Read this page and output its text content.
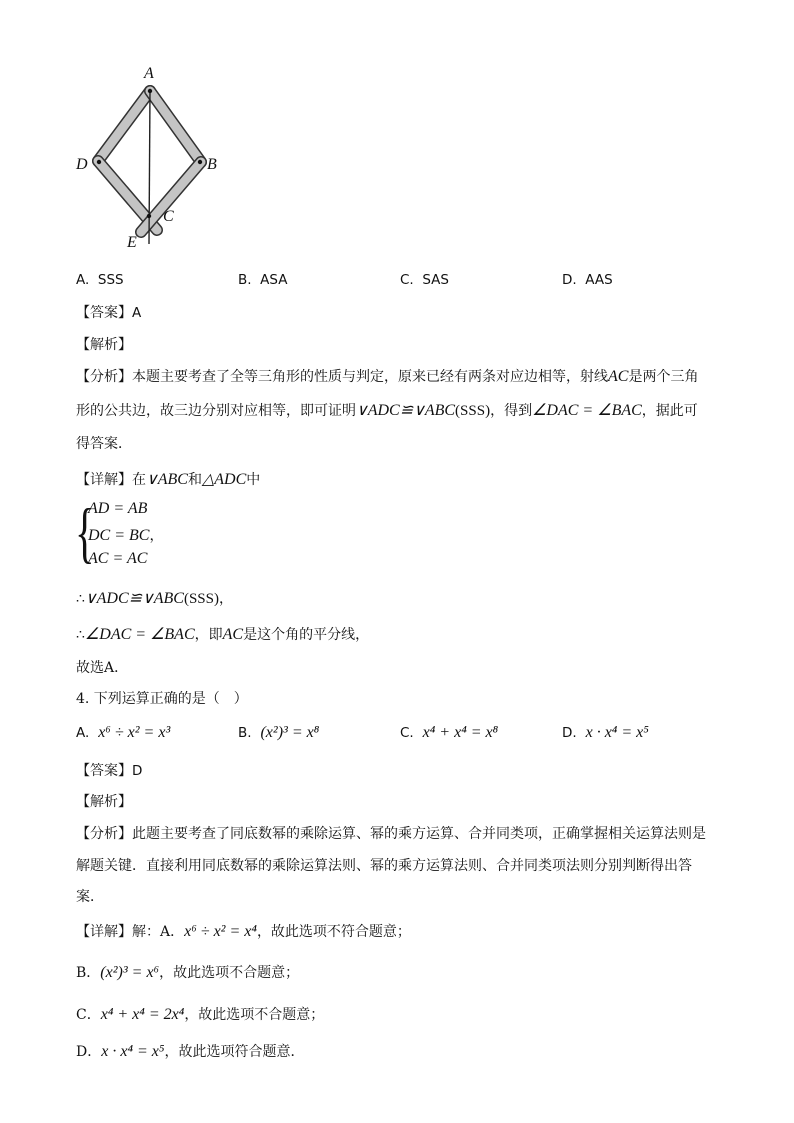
A
D	B
C
E
A. SSS	B. ASA	C. SAS	D. AAS
【答案】A
【解析】
【分析】本题主要考查了全等三角形的性质与判定，原来已经有两条对应边相等，射线AC是两个三角
形的公共边，故三边分别对应相等，即可证明∨ADC≌∨ABC(SSS)，得到∠DAC = ∠BAC，据此可
得答案．
【详解】在∨ABC和△ADC中
{
AD = AB
DC = BC，
AC = AC
∴∨ADC≌∨ABC(SSS)，
∴∠DAC = ∠BAC，即AC是这个角的平分线，
故选A．
4. 下列运算正确的是（　）
A. x⁶ ÷ x² = x³	B. (x²)³ = x⁸	C. x⁴ + x⁴ = x⁸	D. x · x⁴ = x⁵
【答案】D
【解析】
【分析】此题主要考查了同底数幂的乘除运算、幂的乘方运算、合并同类项，正确掌握相关运算法则是
解题关键．直接利用同底数幂的乘除运算法则、幂的乘方运算法则、合并同类项法则分别判断得出答
案．
【详解】解：A．x⁶ ÷ x² = x⁴，故此选项不符合题意；
B．(x²)³ = x⁶，故此选项不合题意；
C．x⁴ + x⁴ = 2x⁴，故此选项不合题意；
D．x · x⁴ = x⁵，故此选项符合题意．
